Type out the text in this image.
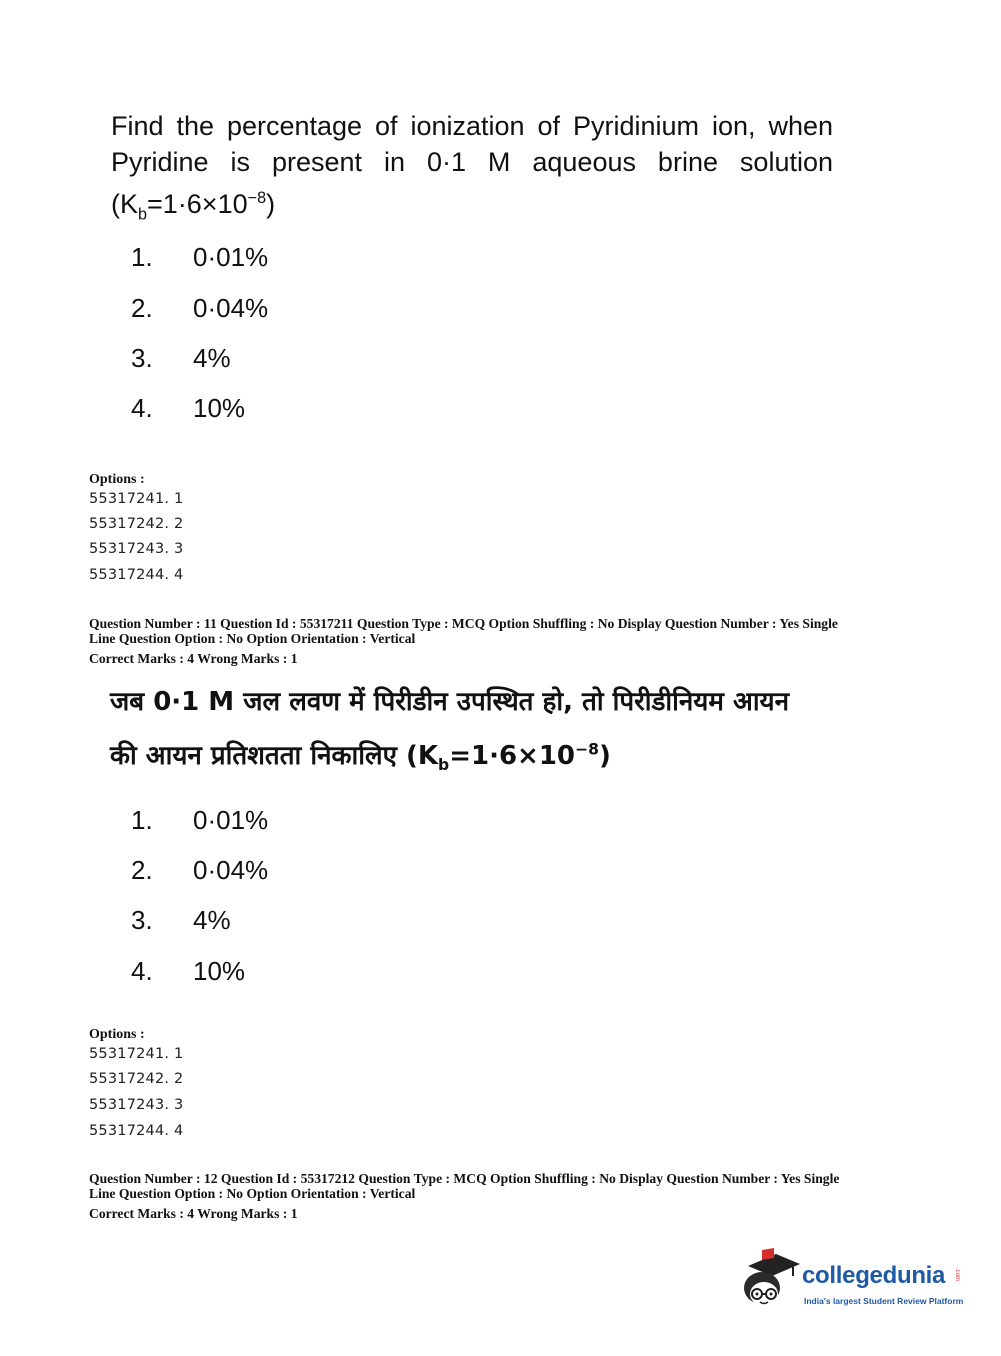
Find the percentage of ionization of Pyridinium ion, when
Pyridine is present in 0·1 M aqueous brine solution
$(K_b=1\cdot 6\times 10^{-8})$
1. 0·01%
2. 0·04%
3. 4%
4. 10%
Options :
55317241. 1
55317242. 2
55317243. 3
55317244. 4
Question Number : 11 Question Id : 55317211 Question Type : MCQ Option Shuffling : No Display Question Number : Yes Single
Line Question Option : No Option Orientation : Vertical
Correct Marks : 4 Wrong Marks : 1
जब 0·1 M जल लवण में पिरीडीन उपस्थित हो, तो पिरीडीनियम आयन
की आयन प्रतिशतता निकालिए $(K_b=1\cdot 6\times 10^{-8})$
1. 0·01%
2. 0·04%
3. 4%
4. 10%
Options :
55317241. 1
55317242. 2
55317243. 3
55317244. 4
Question Number : 12 Question Id : 55317212 Question Type : MCQ Option Shuffling : No Display Question Number : Yes Single
Line Question Option : No Option Orientation : Vertical
Correct Marks : 4 Wrong Marks : 1
collegedunia .com
India's largest Student Review Platform
